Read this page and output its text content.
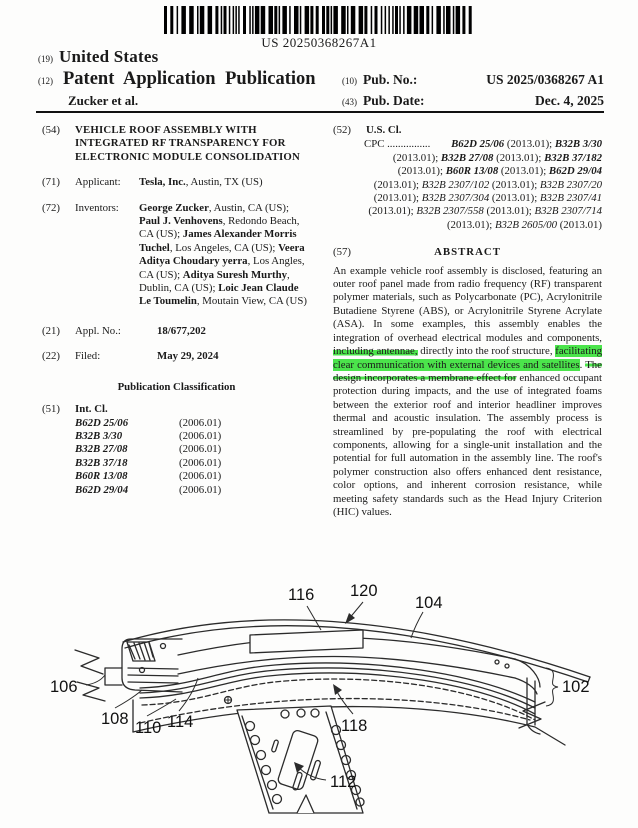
US 20250368267A1
(19) United States
(12) Patent Application Publication	(10) Pub. No.:	US 2025/0368267 A1
Zucker et al.	(43) Pub. Date:	Dec. 4, 2025
(54)	VEHICLE ROOF ASSEMBLY WITH INTEGRATED RF TRANSPARENCY FOR ELECTRONIC MODULE CONSOLIDATION
(71)	Applicant:	Tesla, Inc., Austin, TX (US)
(72)	Inventors:	George Zucker, Austin, CA (US); Paul J. Venhovens, Redondo Beach, CA (US); James Alexander Morris Tuchel, Los Angeles, CA (US); Veera Aditya Choudary yerra, Los Angles, CA (US); Aditya Suresh Murthy, Dublin, CA (US); Loic Jean Claude Le Toumelin, Moutain View, CA (US)
(21)	Appl. No.:	18/677,202
(22)	Filed:	May 29, 2024
Publication Classification
(51)	Int. Cl.
B62D 25/06	(2006.01)
B32B 3/30	(2006.01)
B32B 27/08	(2006.01)
B32B 37/18	(2006.01)
B60R 13/08	(2006.01)
B62D 29/04	(2006.01)
(52)	U.S. Cl.
CPC ................ B62D 25/06 (2013.01); B32B 3/30 (2013.01); B32B 27/08 (2013.01); B32B 37/182 (2013.01); B60R 13/08 (2013.01); B62D 29/04 (2013.01); B32B 2307/102 (2013.01); B32B 2307/20 (2013.01); B32B 2307/304 (2013.01); B32B 2307/41 (2013.01); B32B 2307/558 (2013.01); B32B 2307/714 (2013.01); B32B 2605/00 (2013.01)
(57)	ABSTRACT
An example vehicle roof assembly is disclosed, featuring an outer roof panel made from radio frequency (RF) transparent polymer materials, such as Polycarbonate (PC), Acrylonitrile Butadiene Styrene (ABS), or Acrylonitrile Styrene Acrylate (ASA). In some examples, this assembly enables the integration of overhead electrical modules and components, including antennae, directly into the roof structure, facilitating clear communication with external devices and satellites. The design incorporates a membrane effect for enhanced occupant protection during impacts, and the use of integrated foams between the exterior roof and interior headliner improves thermal and acoustic insulation. The assembly process is streamlined by pre-populating the roof with electrical components, allowing for a single-unit installation and the potential for full automation in the assembly line. The roof's polymer construction also offers enhanced dent resistance, color options, and inherent corrosion resistance, while meeting safety standards such as the Head Injury Criterion (HIC) values.
116 120
104
106
108 110 114	118
112
102
